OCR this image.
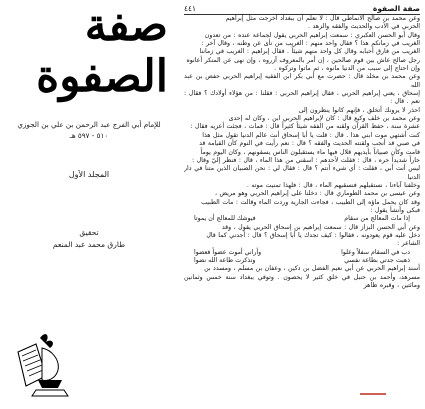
صفة الصفوة
للإمام أبي الفرج عبد الرحمن بن علي بن الجوزي
٥١٠ - ٥٩٧ هـ
المجلد الأول
تحقيق
طارق محمد عبد المنعم
صفة الصفوة
٤٤١

وعن محمد بن صالح الأنماطي قال : لا نعلم أن ببغداد أخرجت مثل إبراهيم

الحربي في الأدب والحديث والفقه والزهد .

وقال أبو الحسن العكبري : سمعت إبراهيم الحربي يقول لجماعة عنده : من تعدون

الغريب في زمانكم هذا ؟ فقال واحد منهم : الغريب من نأى عن وطنه ، وقال آخر :

الغريب من فارق أحبابه وقال كل واحد منهم شيئاً . فقال إبراهيم : الغريب في زماننا

رجل صالح عاش بين قوم صالحين ، إن أمر بالمعروف آزروه ، وإن نهى عن المنكر أعانوه

وإن احتاج إلى سبب من الدنيا مانوه ، ثم ماتوا وتركوه .

وعن محمد بن مخلد قال : حضرت مع أبي بكر ابن الفقيه إبراهيم الحربي حفص بن عبد الله

إسحاق ، يعني إبراهيم الحربي ، فقال إبراهيم الحربي : فقلنا : من هؤلاء أولادك ؟ فقال : نعم . قال :

احذر لا يرونك أتخلق ، فإنهم كانوا ينظرون إلى

وعن محمد بن خلف وكيع قال : كان لإبراهيم الحربي ابن ، وكان له إحدى

عشرة سنة ، حفظ القرآن ولقنه من الفقه شيئاً كثيراً قال : فمات ، فجئت أعزيه فقال :

كنت أشتهي موت ابني هذا . قال : قلت يا أبا إسحاق أنت عالم الدنيا تقول مثل هذا

في صبي قد أنجب ولقنته الحديث والفقه ؟ قال : نعم رأيت في النوم كأن القيامة قد

قامت وكأن صبياناً بأيديهم قلال فيها ماء يستقبلون الناس يسقونهم ، وكان اليوم يوماً

حاراً شديداً حره ، قال : فقلت لأحدهم : اسقني من هذا الماء ، قال : فنظر إليّ وقال :

ليس أنت أبي ، فقلت : أي شيء أنتم ؟ قال : فقال لي : نحن الصبيان الذين متنا في دار الدنيا

وخلفنا آباءنا ، نستقبلهم فنسقيهم الماء ، قال : فلهذا تمنيت موته .

وعن عيسى بن محمد الطوماري قال : دخلنا على إبراهيم الحربي وهو مريض ،

وقد كان يحمل ماؤه إلى الطبيب ، فجاءت الجارية وردت الماء وقالت : مات الطبيب

فبكى وأنشأ يقول :

إذا مات المعالج من سقام
فيوشك للمعالج أن يموتا

وعن أبي الحسن البزاز قال : سمعت إبراهيم بن إسحاق الحربي يقول ، وقد

دخل عليه قوم يعودونه ، فقالوا : كيف تجدك يا أبا إسحاق ؟ قال : أجدني كما قال

الشاعر :

دب في السقام سفلاً وعلوا
وأراني أموت عضواً فعضوا
ذهبت جدتي بطاعة نفسي
وتذكرت طاعة الله نضوا

أسند إبراهيم الحربي عن أبي نعيم الفضل بن دكين ، وعفان بن مسلم ، ومسدد بن

مسرهد، وأحمد بن حنبل في خلق كثير لا يحصون . وتوفي ببغداد سنة خمس وثمانين ومائتين ، وقبره ظاهر
